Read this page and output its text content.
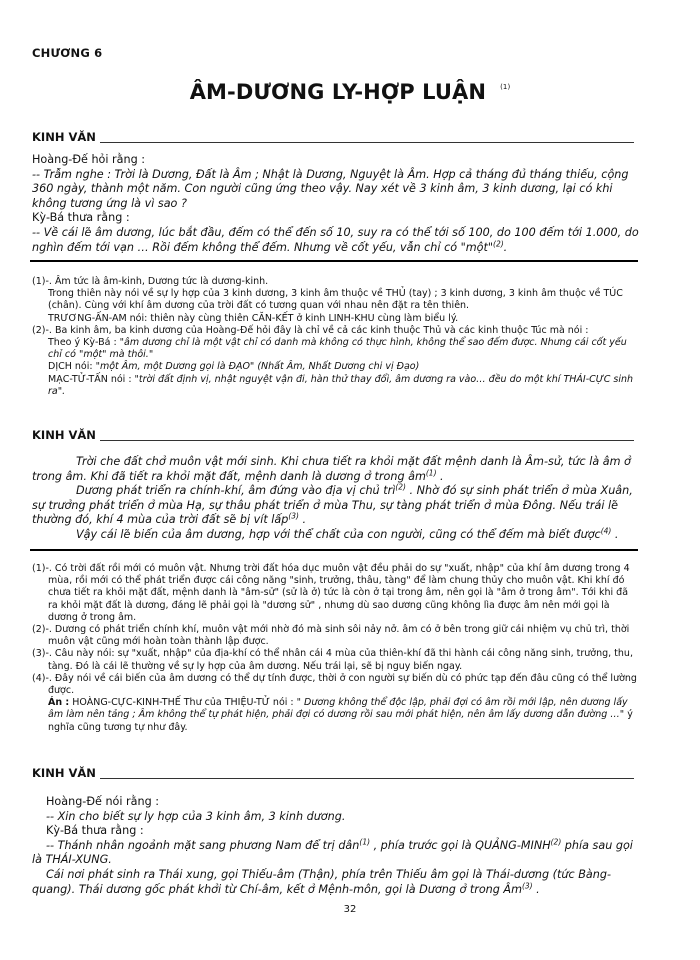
CHƯƠNG 6
ÂM-DƯƠNG LY-HỢP LUẬN $^{(1)}$
KINH VĂN

Hoàng-Đế hỏi rằng :

-- Trẫm nghe : Trời là Dương, Đất là Âm ; Nhật là Dương, Nguyệt là Âm. Hợp cả tháng đủ tháng thiếu, cộng 360 ngày, thành một năm. Con người cũng ứng theo vậy. Nay xét về 3 kinh âm, 3 kinh dương, lại có khi không tương ứng là vì sao ?

Kỳ-Bá thưa rằng :

-- Về cái lẽ âm dương, lúc bắt đầu, đếm có thể đến số 10, suy ra có thể tới số 100, do 100 đếm tới 1.000, do nghìn đếm tới vạn … Rồi đếm không thể đếm. Nhưng về cốt yếu, vẫn chỉ có "một"$^{(2)}$.

(1)-. Âm tức là âm-kinh, Dương tức là dương-kinh.

Trong thiên này nói về sự ly hợp của 3 kinh dương, 3 kinh âm thuộc về THỦ (tay) ; 3 kinh dương, 3 kinh âm thuộc về TÚC (chân). Cùng với khí âm dương của trời đất có tương quan với nhau nên đặt ra tên thiên.

TRƯƠNG-ẤN-AM nói: thiên này cùng thiên CĂN-KẾT ở kinh LINH-KHU cùng làm biểu lý.

(2)-. Ba kinh âm, ba kinh dương của Hoàng-Đế hỏi đây là chỉ về cả các kinh thuộc Thủ và các kinh thuộc Túc mà nói :

Theo ý Kỳ-Bá : "âm dương chỉ là một vật chỉ có danh mà không có thực hình, không thể sao đếm được. Nhưng cái cốt yếu chỉ có "một" mà thôi."

DỊCH nói: "một Âm, một Dương gọi là ĐẠO" (Nhất Âm, Nhất Dương chi vị Đạo)

MẠC-TỬ-TẤN nói : "trời đất định vị, nhật nguyệt vận đi, hàn thử thay đổi, âm dương ra vào… đều do một khí THÁI-CỰC sinh ra".

KINH VĂN

Trời che đất chở muôn vật mới sinh. Khi chưa tiết ra khỏi mặt đất mệnh danh là Âm-sử, tức là âm ở trong âm. Khi đã tiết ra khỏi mặt đất, mệnh danh là dương ở trong $âm^{(1)}$ .

Dương phát triển ra chính-khí, âm đứng vào địa vị chủ trì$^{(2)}$ . Nhờ đó sự sinh phát triển ở mùa Xuân, sự trưởng phát triển ở mùa Hạ, sự thâu phát triển ở mùa Thu, sự tàng phát triển ở mùa Đông. Nếu trái lẽ thường đó, khí 4 mùa của trời đất sẽ bị vít lấp$^{(3)}$ .

Vậy cái lẽ biến của âm dương, hợp với thể chất của con người, cũng có thể đếm mà biết được$^{(4)}$ .

(1)-. Có trời đất rồi mới có muôn vật. Nhưng trời đất hóa dục muôn vật đều phải do sự "xuất, nhập" của khí âm dương trong 4 mùa, rồi mới có thể phát triển được cái công năng "sinh, trưởng, thâu, tàng" để làm chung thủy cho muôn vật. Khi khí đó chưa tiết ra khỏi mặt đất, mệnh danh là "âm-sử" (sử là ở) tức là còn ở tại trong âm, nên gọi là "âm ở trong âm". Tới khi đã ra khỏi mặt đất là dương, đáng lẽ phải gọi là "dương sử" , nhưng dù sao dương cũng không lìa được âm nên mới gọi là dương ở trong âm.

(2)-. Dương có phát triển chính khí, muôn vật mới nhờ đó mà sinh sôi nảy nở. âm có ở bên trong giữ cái nhiệm vụ chủ trì, thời muôn vật cũng mới hoàn toàn thành lập được.

(3)-. Câu này nói: sự "xuất, nhập" của địa-khí có thể nhân cái 4 mùa của thiên-khí đã thi hành cái công năng sinh, trưởng, thu, tàng. Đó là cái lẽ thường về sự ly hợp của âm dương. Nếu trái lại, sẽ bị nguy biến ngay.

(4)-. Đây nói về cái biến của âm dương có thể dự tính được, thời ở con người sự biến dù có phức tạp đến đâu cũng có thể lường được.

Án : HOÀNG-CỰC-KINH-THẾ Thư của THIỆU-TỬ nói : " Dương không thể độc lập, phải đợi có âm rồi mới lập, nên dương lấy âm làm nên tảng ; Âm không thể tự phát hiện, phải đợi có dương rồi sau mới phát hiện, nên âm lấy dương dẫn đường …" ý nghĩa cũng tương tự như đây.

KINH VĂN

Hoàng-Đế nói rằng :

-- Xin cho biết sự ly hợp của 3 kinh âm, 3 kinh dương.

Kỳ-Bá thưa rằng :

-- Thánh nhân ngoảnh mặt sang phương Nam để trị dân$^{(1)}$ , phía trước gọi là QUẢNG-MINH$^{(2)}$ phía sau gọi là THÁI-XUNG.

Cái nơi phát sinh ra Thái xung, gọi Thiếu-âm (Thận), phía trên Thiếu âm gọi là Thái-dương (tức Bàng-quang). Thái dương gốc phát khởi từ Chí-âm, kết ở Mệnh-môn, gọi là Dương ở trong $Âm^{(3)}$ .

32
